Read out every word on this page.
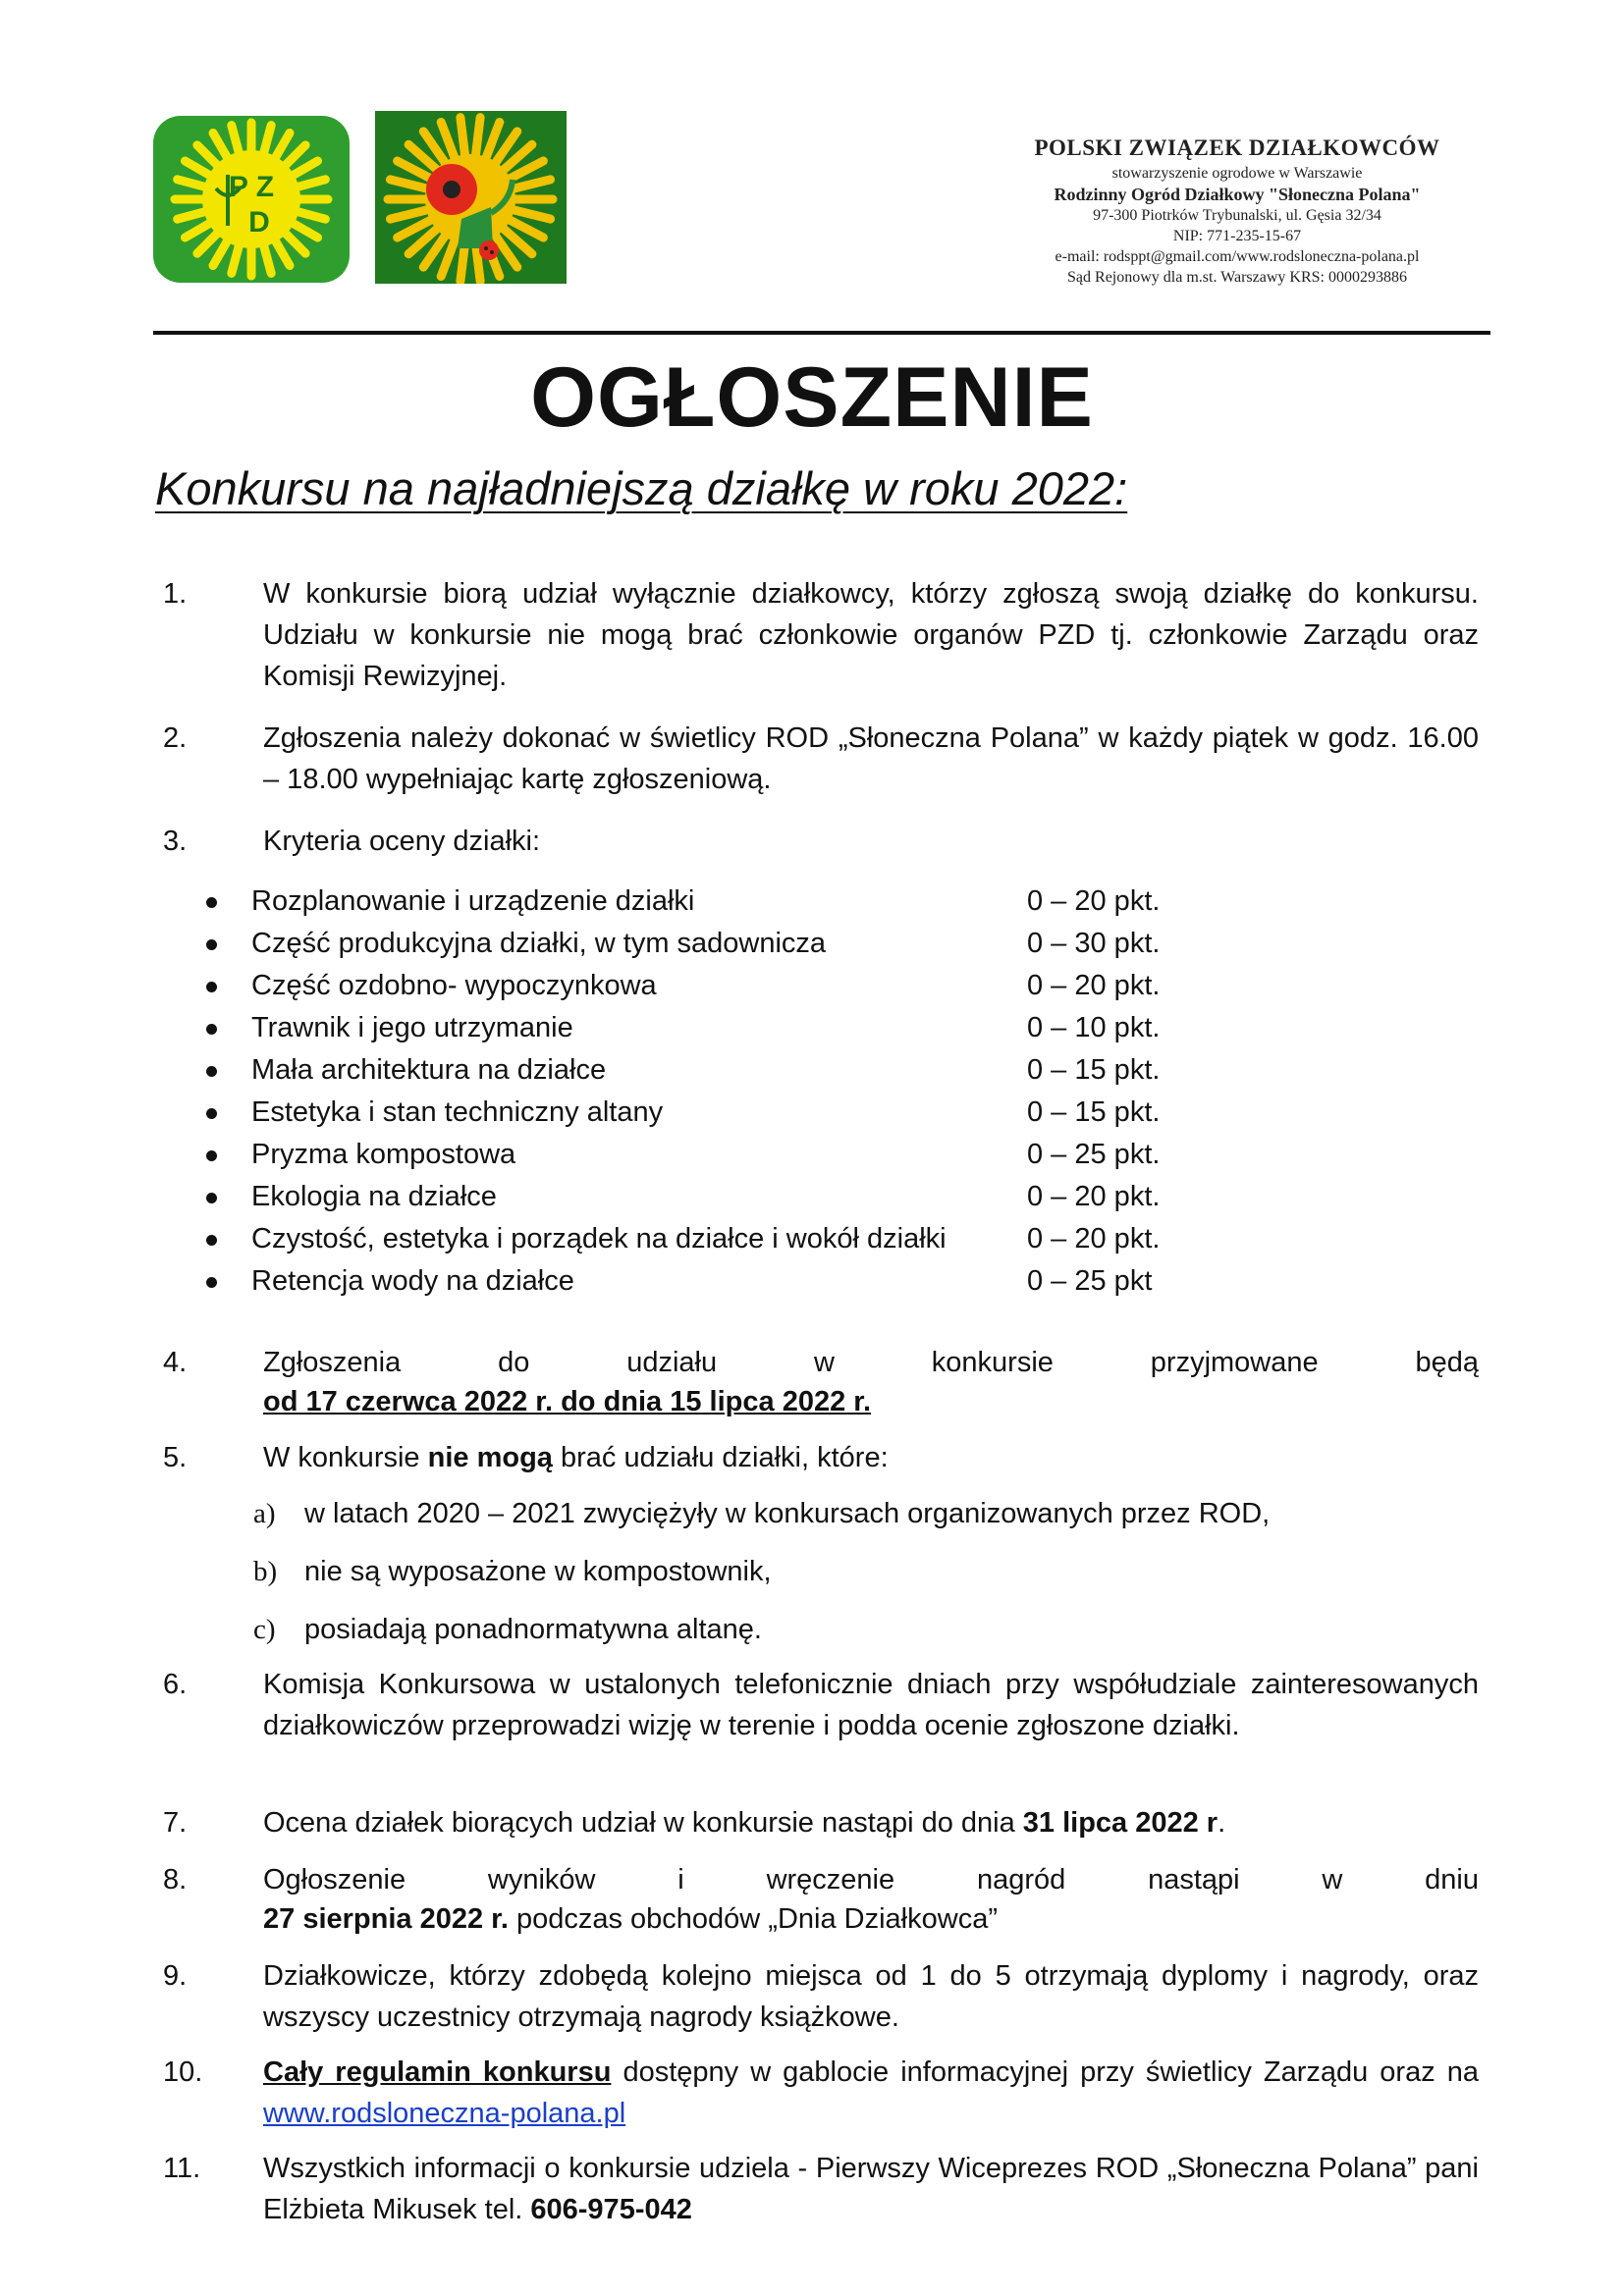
P Z
D
POLSKI ZWIĄZEK DZIAŁKOWCÓW
stowarzyszenie ogrodowe w Warszawie
Rodzinny Ogród Działkowy "Słoneczna Polana"
97-300 Piotrków Trybunalski, ul. Gęsia 32/34
NIP: 771-235-15-67
e-mail: rodsppt@gmail.com/www.rodsloneczna-polana.pl
Sąd Rejonowy dla m.st. Warszawy KRS: 0000293886
OGŁOSZENIE
Konkursu na najładniejszą działkę w roku 2022:
1.	W konkursie biorą udział wyłącznie działkowcy, którzy zgłoszą swoją działkę do konkursu. Udziału w konkursie nie mogą brać członkowie organów PZD tj. członkowie Zarządu oraz Komisji Rewizyjnej.
2.	Zgłoszenia należy dokonać w świetlicy ROD „Słoneczna Polana” w każdy piątek w godz. 16.00 – 18.00 wypełniając kartę zgłoszeniową.
3.	Kryteria oceny działki:
Rozplanowanie i urządzenie działki	0 – 20 pkt.
Część produkcyjna działki, w tym sadownicza	0 – 30 pkt.
Część ozdobno- wypoczynkowa	0 – 20 pkt.
Trawnik i jego utrzymanie	0 – 10 pkt.
Mała architektura na działce	0 – 15 pkt.
Estetyka i stan techniczny altany	0 – 15 pkt.
Pryzma kompostowa	0 – 25 pkt.
Ekologia na działce	0 – 20 pkt.
Czystość, estetyka i porządek na działce i wokół działki	0 – 20 pkt.
Retencja wody na działce	0 – 25 pkt
4.	Zgłoszenia do udziału w konkursie przyjmowane będą
od 17 czerwca 2022 r. do dnia 15 lipca 2022 r.
5.	W konkursie nie mogą brać udziału działki, które:
a) w latach 2020 – 2021 zwyciężyły w konkursach organizowanych przez ROD,
b) nie są wyposażone w kompostownik,
c) posiadają ponadnormatywna altanę.
6.	Komisja Konkursowa w ustalonych telefonicznie dniach przy współudziale zainteresowanych działkowiczów przeprowadzi wizję w terenie i podda ocenie zgłoszone działki.
7.	Ocena działek biorących udział w konkursie nastąpi do dnia 31 lipca 2022 r.
8.	Ogłoszenie wyników i wręczenie nagród nastąpi w dniu
27 sierpnia 2022 r. podczas obchodów „Dnia Działkowca”
9.	Działkowicze, którzy zdobędą kolejno miejsca od 1 do 5 otrzymają dyplomy i nagrody, oraz wszyscy uczestnicy otrzymają nagrody książkowe.
10. Cały regulamin konkursu dostępny w gablocie informacyjnej przy świetlicy Zarządu oraz na www.rodsloneczna-polana.pl
11. Wszystkich informacji o konkursie udziela - Pierwszy Wiceprezes ROD „Słoneczna Polana” pani Elżbieta Mikusek tel. 606-975-042
